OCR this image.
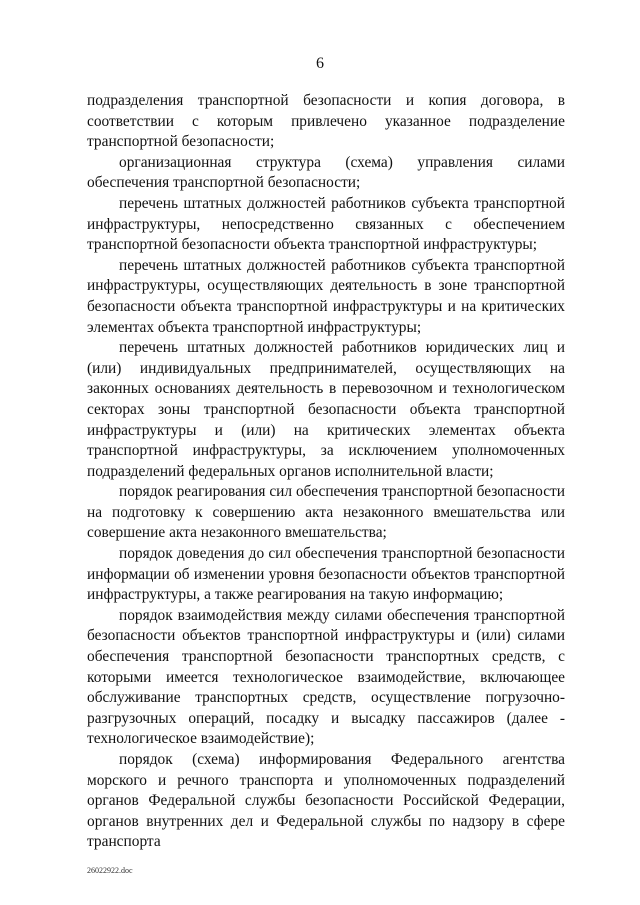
6

подразделения транспортной безопасности и копия договора, в соответствии с которым привлечено указанное подразделение транспортной безопасности;

организационная структура (схема) управления силами обеспечения транспортной безопасности;

перечень штатных должностей работников субъекта транспортной инфраструктуры, непосредственно связанных с обеспечением транспортной безопасности объекта транспортной инфраструктуры;

перечень штатных должностей работников субъекта транспортной инфраструктуры, осуществляющих деятельность в зоне транспортной безопасности объекта транспортной инфраструктуры и на критических элементах объекта транспортной инфраструктуры;

перечень штатных должностей работников юридических лиц и (или) индивидуальных предпринимателей, осуществляющих на законных основаниях деятельность в перевозочном и технологическом секторах зоны транспортной безопасности объекта транспортной инфраструктуры и (или) на критических элементах объекта транспортной инфраструктуры, за исключением уполномоченных подразделений федеральных органов исполнительной власти;

порядок реагирования сил обеспечения транспортной безопасности на подготовку к совершению акта незаконного вмешательства или совершение акта незаконного вмешательства;

порядок доведения до сил обеспечения транспортной безопасности информации об изменении уровня безопасности объектов транспортной инфраструктуры, а также реагирования на такую информацию;

порядок взаимодействия между силами обеспечения транспортной безопасности объектов транспортной инфраструктуры и (или) силами обеспечения транспортной безопасности транспортных средств, с которыми имеется технологическое взаимодействие, включающее обслуживание транспортных средств, осуществление погрузочно-разгрузочных операций, посадку и высадку пассажиров (далее - технологическое взаимодействие);

порядок (схема) информирования Федерального агентства морского и речного транспорта и уполномоченных подразделений органов Федеральной службы безопасности Российской Федерации, органов внутренних дел и Федеральной службы по надзору в сфере транспорта

26022922.doc
